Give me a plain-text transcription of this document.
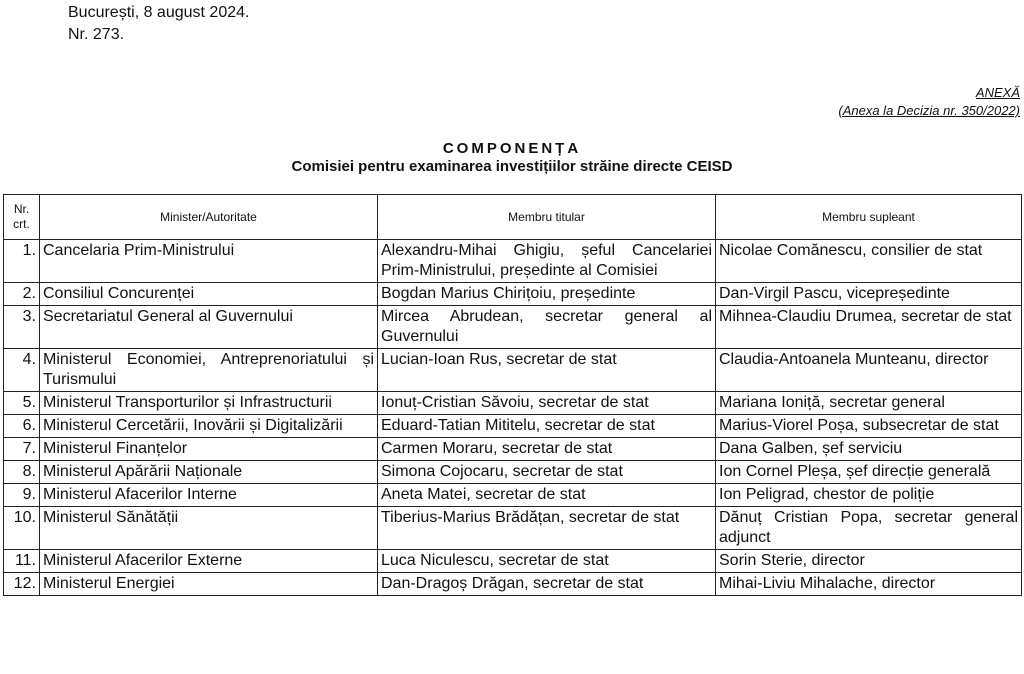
București, 8 august 2024.
Nr. 273.
ANEXĂ
(Anexa la Decizia nr. 350/2022)
COMPONENȚA
Comisiei pentru examinarea investițiilor străine directe CEISD
Nr. crt.	Minister/Autoritate	Membru titular	Membru supleant
1.	Cancelaria Prim-Ministrului	Alexandru-Mihai Ghigiu, șeful Cancelariei Prim-Ministrului, președinte al Comisiei	Nicolae Comănescu, consilier de stat
2.	Consiliul Concurenței	Bogdan Marius Chirițoiu, președinte	Dan-Virgil Pascu, vicepreședinte
3.	Secretariatul General al Guvernului	Mircea Abrudean, secretar general al Guvernului	Mihnea-Claudiu Drumea, secretar de stat
4.	Ministerul Economiei, Antreprenoriatului și Turismului	Lucian-Ioan Rus, secretar de stat	Claudia-Antoanela Munteanu, director
5.	Ministerul Transporturilor și Infrastructurii	Ionuț-Cristian Săvoiu, secretar de stat	Mariana Ioniță, secretar general
6.	Ministerul Cercetării, Inovării și Digitalizării	Eduard-Tatian Mititelu, secretar de stat	Marius-Viorel Poșa, subsecretar de stat
7.	Ministerul Finanțelor	Carmen Moraru, secretar de stat	Dana Galben, șef serviciu
8.	Ministerul Apărării Naționale	Simona Cojocaru, secretar de stat	Ion Cornel Pleșa, șef direcție generală
9.	Ministerul Afacerilor Interne	Aneta Matei, secretar de stat	Ion Peligrad, chestor de poliție
10.	Ministerul Sănătății	Tiberius-Marius Brădățan, secretar de stat	Dănuț Cristian Popa, secretar general adjunct
11.	Ministerul Afacerilor Externe	Luca Niculescu, secretar de stat	Sorin Sterie, director
12.	Ministerul Energiei	Dan-Dragoș Drăgan, secretar de stat	Mihai-Liviu Mihalache, director
